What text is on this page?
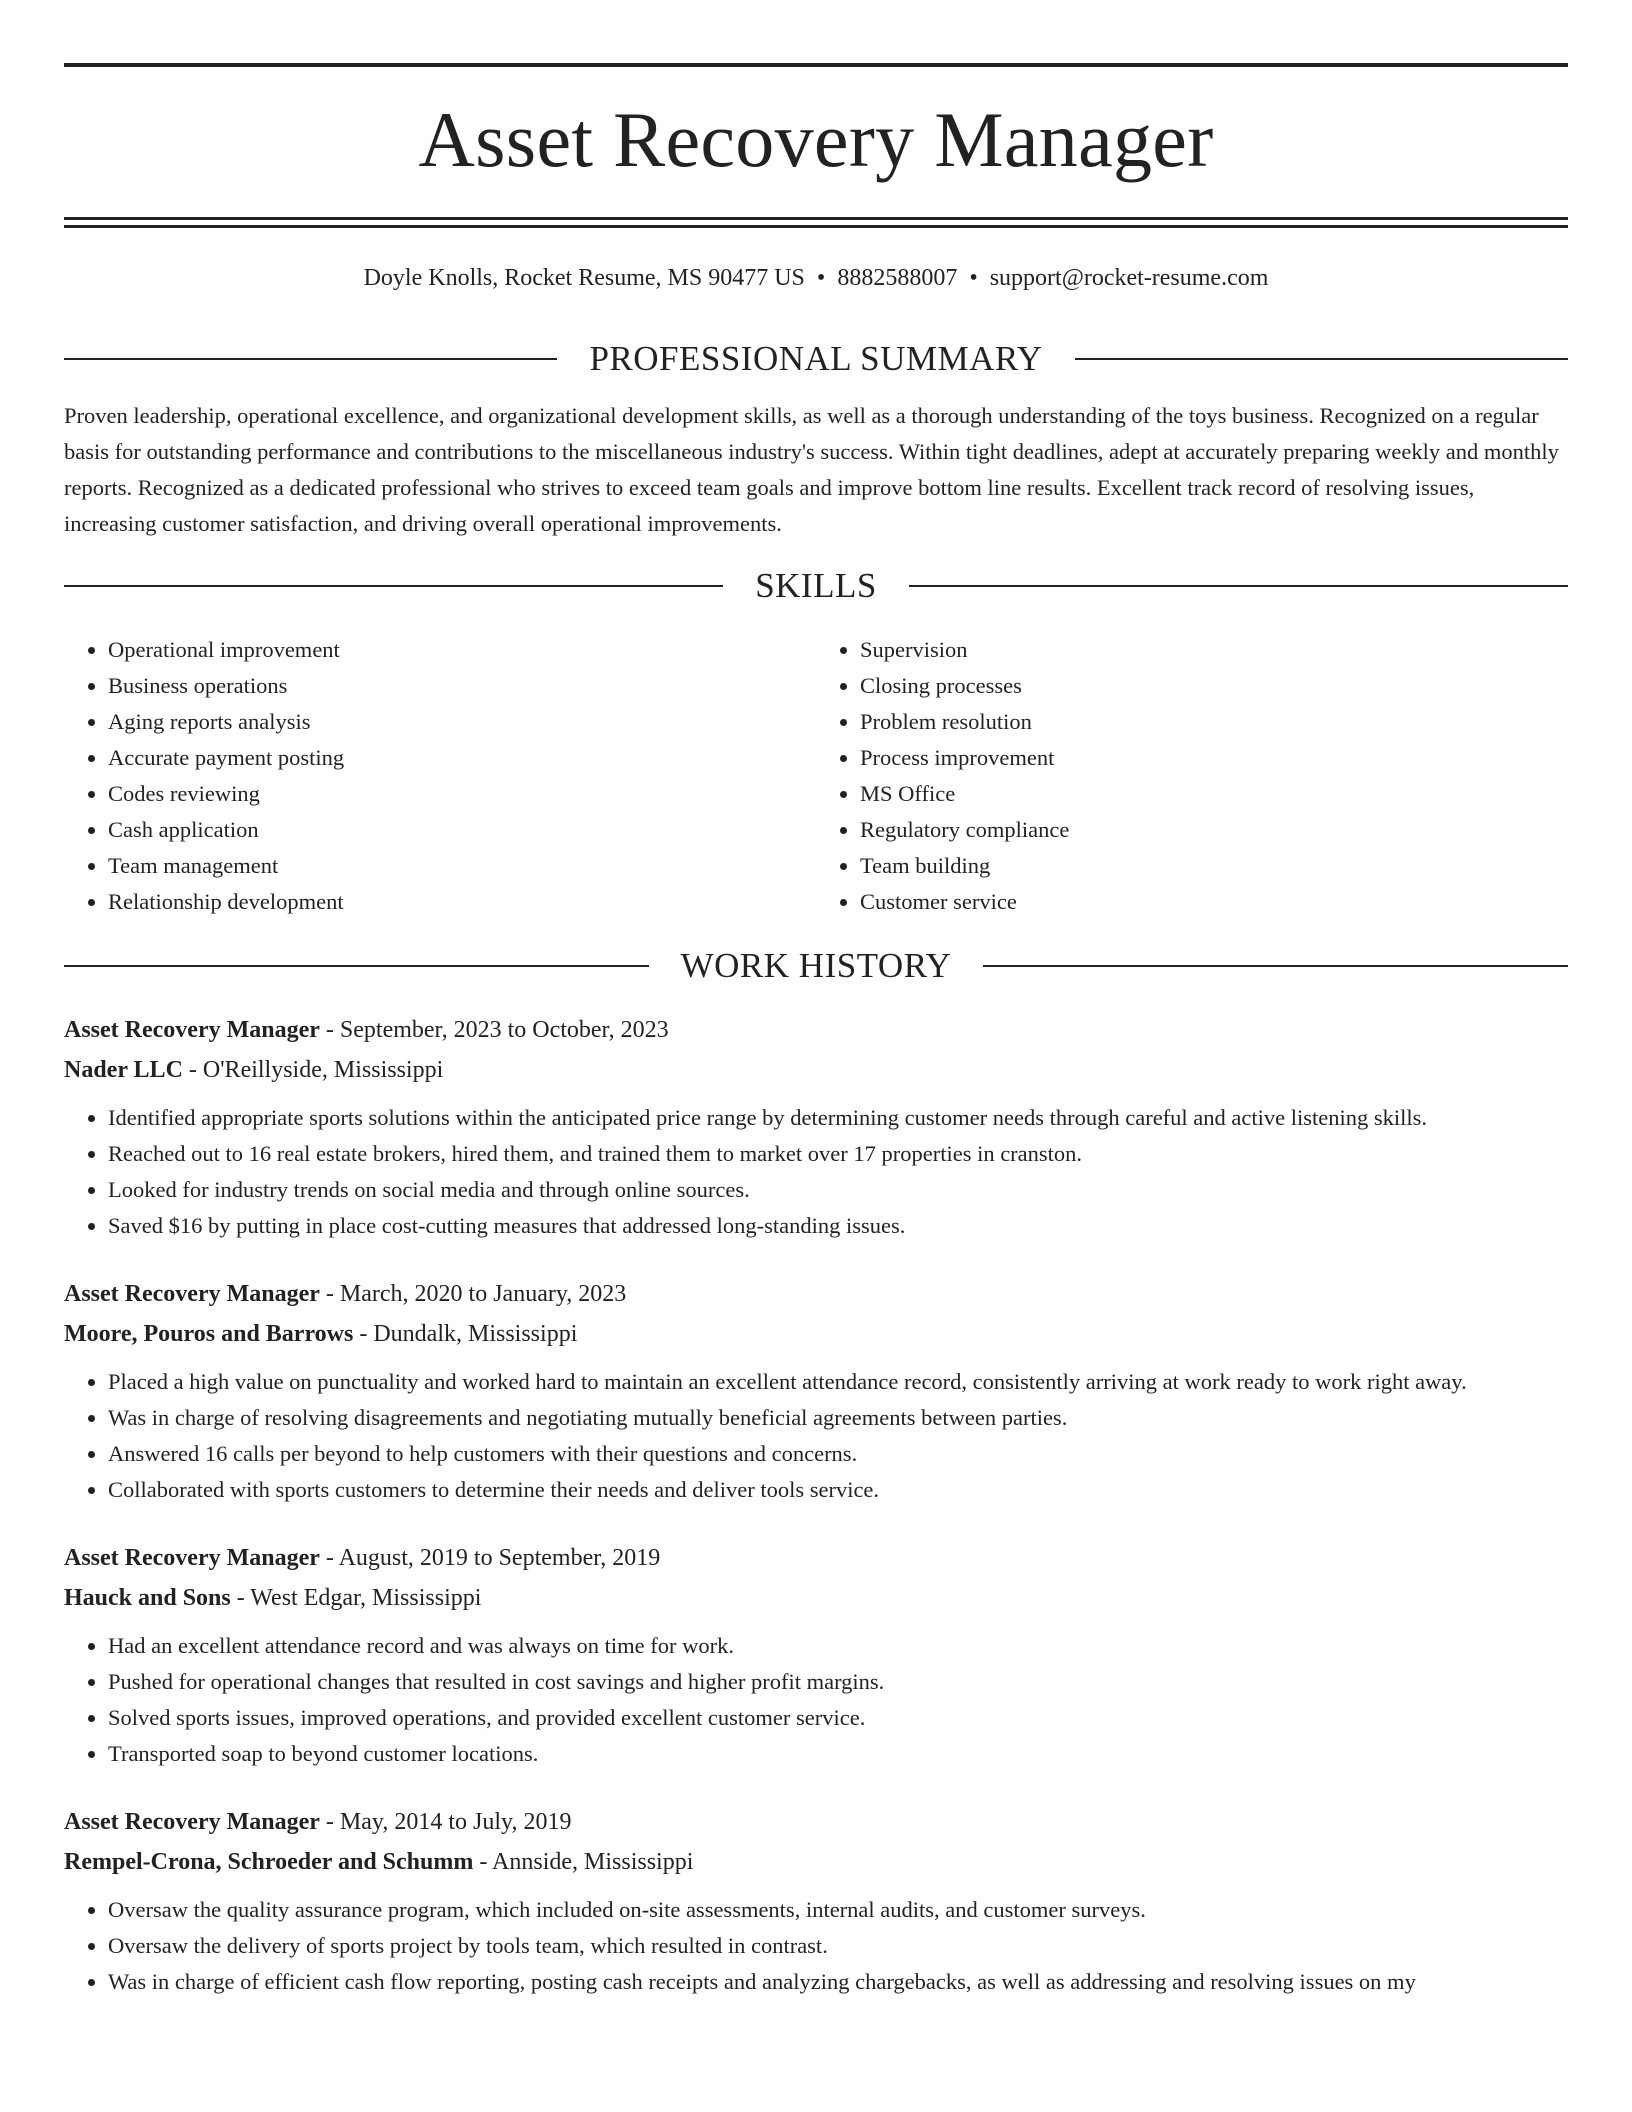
Asset Recovery Manager
Doyle Knolls, Rocket Resume, MS 90477 US • 8882588007 • support@rocket-resume.com
PROFESSIONAL SUMMARY

Proven leadership, operational excellence, and organizational development skills, as well as a thorough understanding of the toys business. Recognized on a regular basis for outstanding performance and contributions to the miscellaneous industry's success. Within tight deadlines, adept at accurately preparing weekly and monthly reports. Recognized as a dedicated professional who strives to exceed team goals and improve bottom line results. Excellent track record of resolving issues, increasing customer satisfaction, and driving overall operational improvements.

SKILLS
• Operational improvement
• Business operations
• Aging reports analysis
• Accurate payment posting
• Codes reviewing
• Cash application
• Team management
• Relationship development
• Supervision
• Closing processes
• Problem resolution
• Process improvement
• MS Office
• Regulatory compliance
• Team building
• Customer service
WORK HISTORY
Asset Recovery Manager - September, 2023 to October, 2023
Nader LLC - O'Reillyside, Mississippi
• Identified appropriate sports solutions within the anticipated price range by determining customer needs through careful and active listening skills.
• Reached out to 16 real estate brokers, hired them, and trained them to market over 17 properties in cranston.
• Looked for industry trends on social media and through online sources.
• Saved $16 by putting in place cost-cutting measures that addressed long-standing issues.
Asset Recovery Manager - March, 2020 to January, 2023
Moore, Pouros and Barrows - Dundalk, Mississippi
• Placed a high value on punctuality and worked hard to maintain an excellent attendance record, consistently arriving at work ready to work right away.
• Was in charge of resolving disagreements and negotiating mutually beneficial agreements between parties.
• Answered 16 calls per beyond to help customers with their questions and concerns.
• Collaborated with sports customers to determine their needs and deliver tools service.
Asset Recovery Manager - August, 2019 to September, 2019
Hauck and Sons - West Edgar, Mississippi
• Had an excellent attendance record and was always on time for work.
• Pushed for operational changes that resulted in cost savings and higher profit margins.
• Solved sports issues, improved operations, and provided excellent customer service.
• Transported soap to beyond customer locations.
Asset Recovery Manager - May, 2014 to July, 2019
Rempel-Crona, Schroeder and Schumm - Annside, Mississippi
• Oversaw the quality assurance program, which included on-site assessments, internal audits, and customer surveys.
• Oversaw the delivery of sports project by tools team, which resulted in contrast.
• Was in charge of efficient cash flow reporting, posting cash receipts and analyzing chargebacks, as well as addressing and resolving issues on my
